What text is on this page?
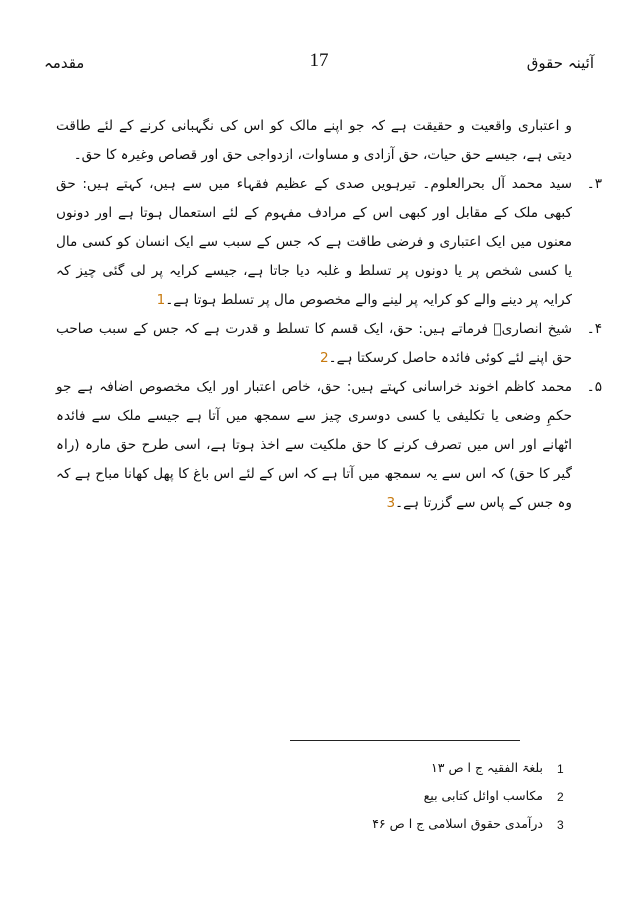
آئینہ حقوق
17
مقدمہ

و اعتباری واقعیت و حقیقت ہے کہ جو اپنے مالک کو اس کی نگہبانی کرنے کے لئے طاقت دیتی ہے، جیسے حق حیات، حق آزادی و مساوات، ازدواجی حق اور قصاص وغیرہ کا حق۔

۳۔
سید محمد آل بحرالعلوم۔ تیرہویں صدی کے عظیم فقہاء میں سے ہیں، کہتے ہیں: حق کبھی ملک کے مقابل اور کبھی اس کے مرادف مفہوم کے لئے استعمال ہوتا ہے اور دونوں معنوں میں ایک اعتباری و فرضی طاقت ہے کہ جس کے سبب سے ایک انسان کو کسی مال یا کسی شخص پر یا دونوں پر تسلط و غلبہ دیا جاتا ہے، جیسے کرایہ پر لی گئی چیز کہ کرایہ پر دینے والے کو کرایہ پر لینے والے مخصوص مال پر تسلط ہوتا ہے۔1

۴۔
شیخ انصاریؒ فرماتے ہیں: حق، ایک قسم کا تسلط و قدرت ہے کہ جس کے سبب صاحب حق اپنے لئے کوئی فائدہ حاصل کرسکتا ہے۔2

۵۔
محمد کاظم اخوند خراسانی کہتے ہیں: حق، خاص اعتبار اور ایک مخصوص اضافہ ہے جو حکمِ وضعی یا تکلیفی یا کسی دوسری چیز سے سمجھ میں آتا ہے جیسے ملک سے فائدہ اٹھانے اور اس میں تصرف کرنے کا حق ملکیت سے اخذ ہوتا ہے، اسی طرح حق مارہ (راہ گیر کا حق) کہ اس سے یہ سمجھ میں آتا ہے کہ اس کے لئے اس باغ کا پھل کھانا مباح ہے کہ وہ جس کے پاس سے گزرتا ہے۔3

1
بلغۃ الفقیہ ج ا ص ۱۳
2
مکاسب اوائل کتابی بیع
3
درآمدی حقوق اسلامی ج ا ص ۴۶
